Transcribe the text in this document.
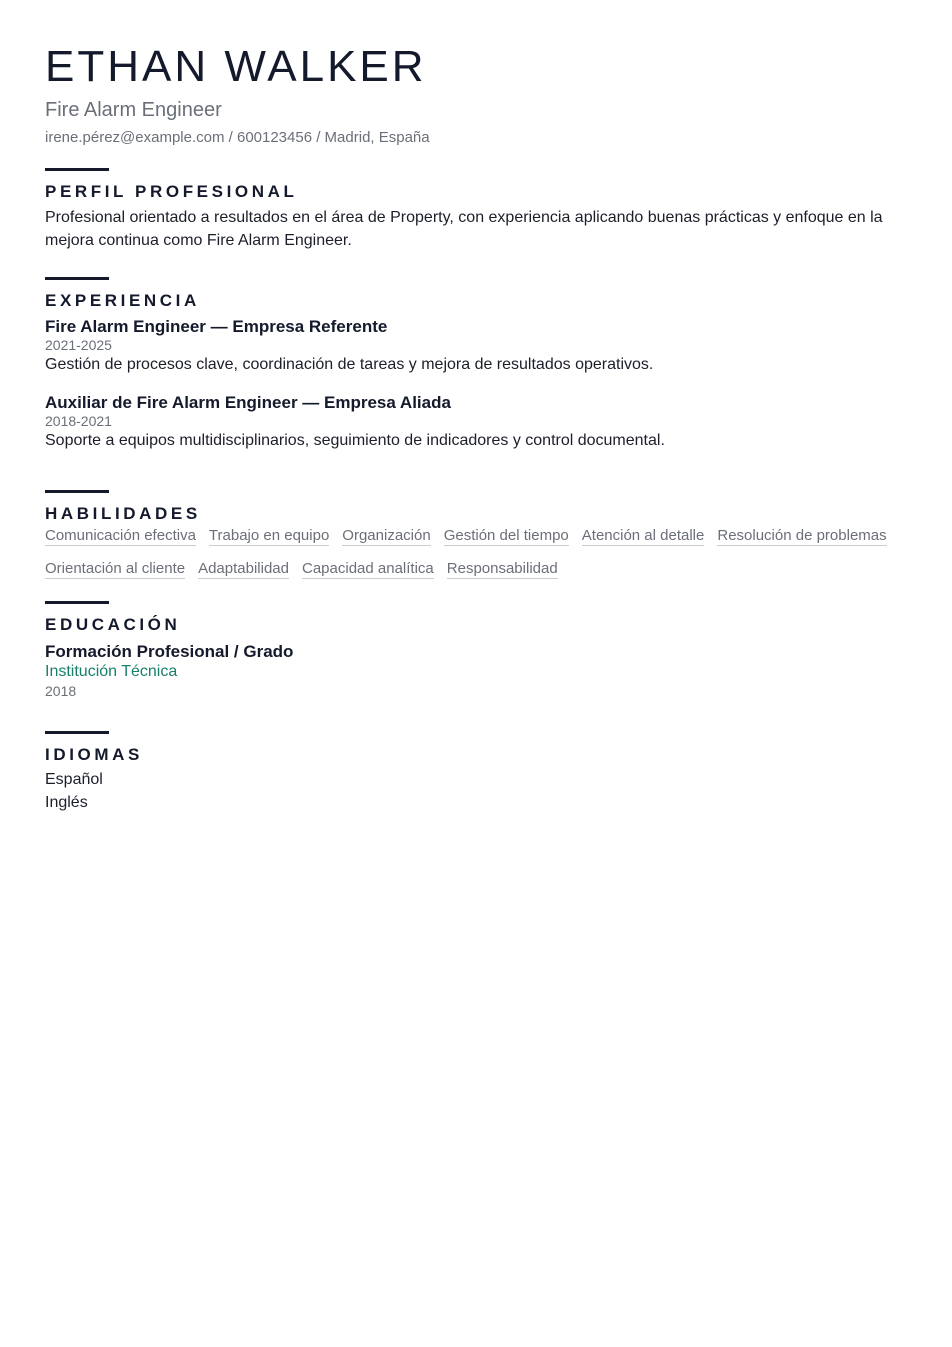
ETHAN WALKER
Fire Alarm Engineer
irene.pérez@example.com / 600123456 / Madrid, España
PERFIL PROFESIONAL
Profesional orientado a resultados en el área de Property, con experiencia aplicando buenas prácticas y enfoque en la mejora continua como Fire Alarm Engineer.
EXPERIENCIA
Fire Alarm Engineer — Empresa Referente
2021-2025
Gestión de procesos clave, coordinación de tareas y mejora de resultados operativos.
Auxiliar de Fire Alarm Engineer — Empresa Aliada
2018-2021
Soporte a equipos multidisciplinarios, seguimiento de indicadores y control documental.
HABILIDADES
Comunicación efectiva Trabajo en equipo Organización Gestión del tiempo Atención al detalle Resolución de problemas
Orientación al cliente Adaptabilidad Capacidad analítica Responsabilidad
EDUCACIÓN
Formación Profesional / Grado
Institución Técnica
2018
IDIOMAS
Español
Inglés
